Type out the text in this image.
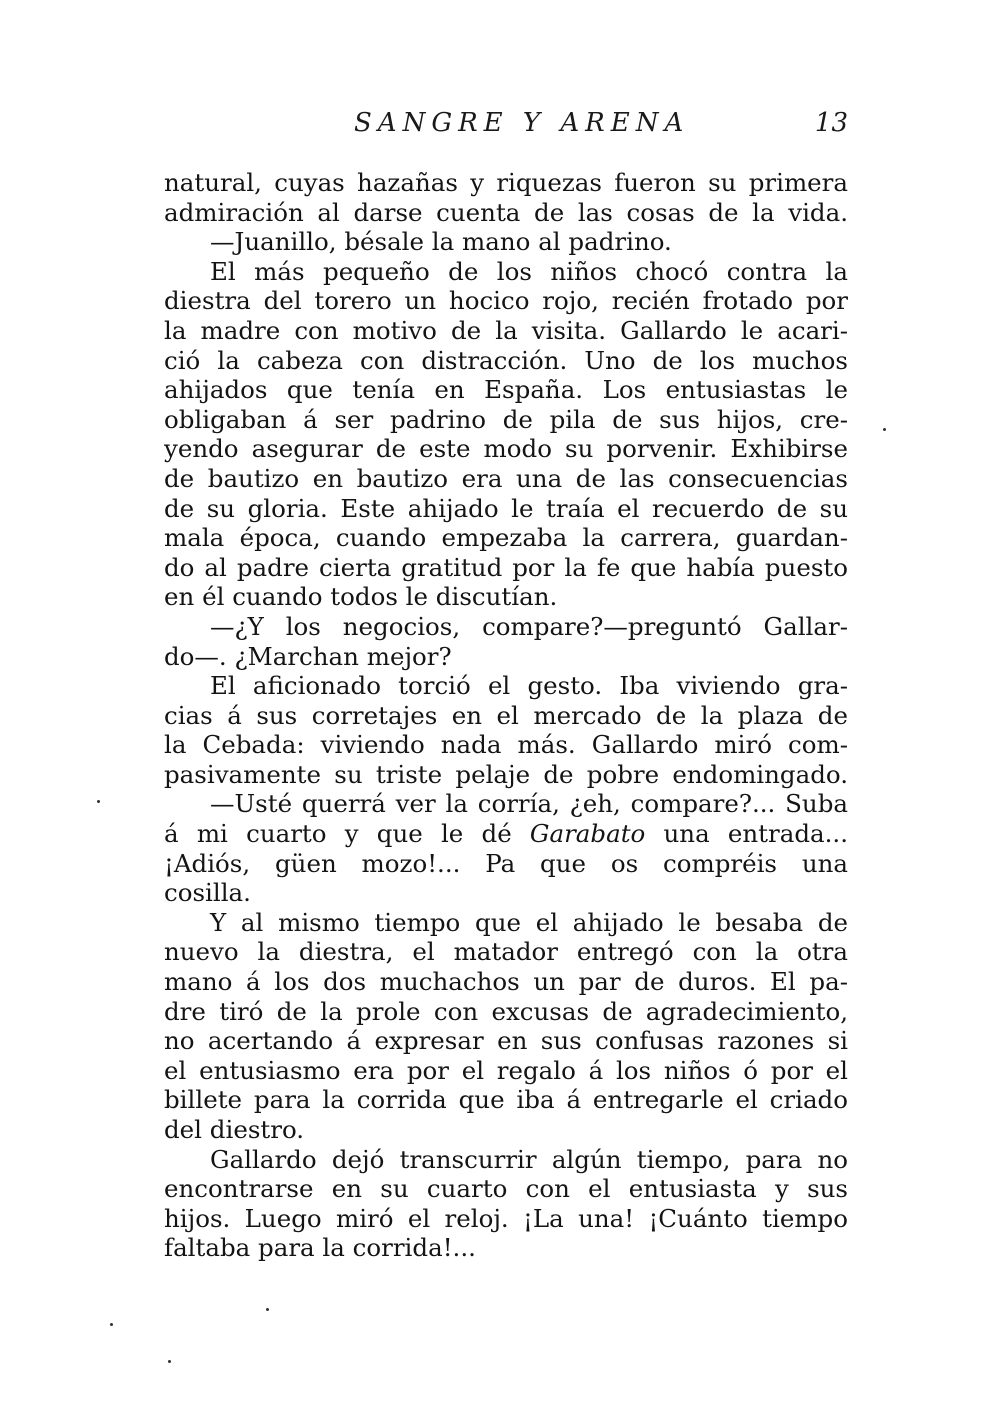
SANGRE Y ARENA	13
natural, cuyas hazañas y riquezas fueron su primera
admiración al darse cuenta de las cosas de la vida.
—Juanillo, bésale la mano al padrino.
El más pequeño de los niños chocó contra la
diestra del torero un hocico rojo, recién frotado por
la madre con motivo de la visita. Gallardo le acari-
ció la cabeza con distracción. Uno de los muchos
ahijados que tenía en España. Los entusiastas le
obligaban á ser padrino de pila de sus hijos, cre-
yendo asegurar de este modo su porvenir. Exhibirse
de bautizo en bautizo era una de las consecuencias
de su gloria. Este ahijado le traía el recuerdo de su
mala época, cuando empezaba la carrera, guardan-
do al padre cierta gratitud por la fe que había puesto
en él cuando todos le discutían.
—¿Y los negocios, compare?—preguntó Gallar-
do—. ¿Marchan mejor?
El aficionado torció el gesto. Iba viviendo gra-
cias á sus corretajes en el mercado de la plaza de
la Cebada: viviendo nada más. Gallardo miró com-
pasivamente su triste pelaje de pobre endomingado.
—Usté querrá ver la corría, ¿eh, compare?... Suba
á mi cuarto y que le dé Garabato una entrada...
¡Adiós, güen mozo!... Pa que os compréis una
cosilla.
Y al mismo tiempo que el ahijado le besaba de
nuevo la diestra, el matador entregó con la otra
mano á los dos muchachos un par de duros. El pa-
dre tiró de la prole con excusas de agradecimiento,
no acertando á expresar en sus confusas razones si
el entusiasmo era por el regalo á los niños ó por el
billete para la corrida que iba á entregarle el criado
del diestro.
Gallardo dejó transcurrir algún tiempo, para no
encontrarse en su cuarto con el entusiasta y sus
hijos. Luego miró el reloj. ¡La una! ¡Cuánto tiempo
faltaba para la corrida!...
